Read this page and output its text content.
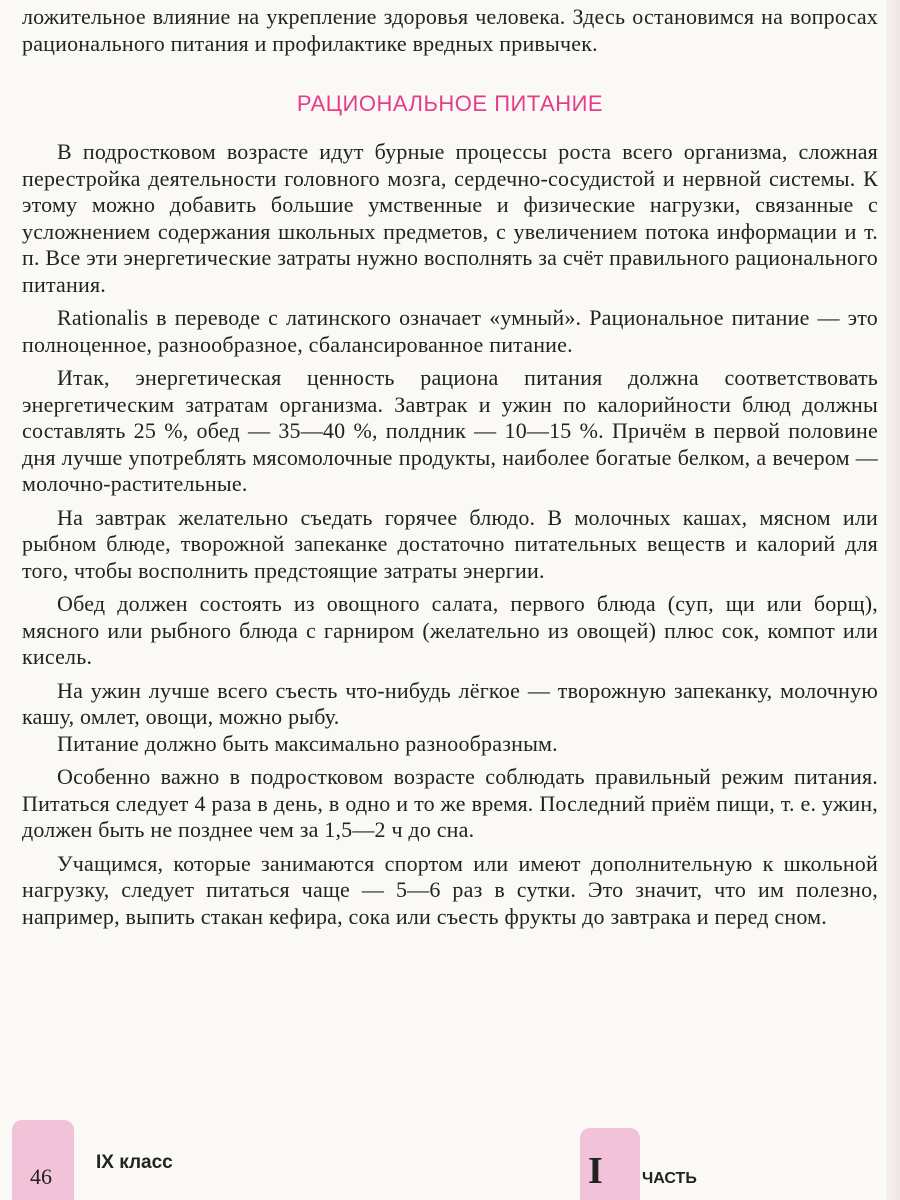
ложительное влияние на укрепление здоровья человека. Здесь остановимся на вопросах рационального питания и профилактике вредных привычек.

РАЦИОНАЛЬНОЕ ПИТАНИЕ

В подростковом возрасте идут бурные процессы роста всего организма, сложная перестройка деятельности головного мозга, сердечно-сосудистой и нервной системы. К этому можно добавить большие умственные и физические нагрузки, связанные с усложнением содержания школьных предметов, с увеличением потока информации и т. п. Все эти энергетические затраты нужно восполнять за счёт правильного рационального питания.

Rationalis в переводе с латинского означает «умный». Рациональное питание — это полноценное, разнообразное, сбалансированное питание.

Итак, энергетическая ценность рациона питания должна соответствовать энергетическим затратам организма. Завтрак и ужин по калорийности блюд должны составлять 25 %, обед — 35—40 %, полдник — 10—15 %. Причём в первой половине дня лучше употреблять мясомолочные продукты, наиболее богатые белком, а вечером — молочно-растительные.

На завтрак желательно съедать горячее блюдо. В молочных кашах, мясном или рыбном блюде, творожной запеканке достаточно питательных веществ и калорий для того, чтобы восполнить предстоящие затраты энергии.

Обед должен состоять из овощного салата, первого блюда (суп, щи или борщ), мясного или рыбного блюда с гарниром (желательно из овощей) плюс сок, компот или кисель.

На ужин лучше всего съесть что-нибудь лёгкое — творожную запеканку, молочную кашу, омлет, овощи, можно рыбу.

Питание должно быть максимально разнообразным.

Особенно важно в подростковом возрасте соблюдать правильный режим питания. Питаться следует 4 раза в день, в одно и то же время. Последний приём пищи, т. е. ужин, должен быть не позднее чем за 1,5—2 ч до сна.

Учащимся, которые занимаются спортом или имеют дополнительную к школьной нагрузку, следует питаться чаще — 5—6 раз в сутки. Это значит, что им полезно, например, выпить стакан кефира, сока или съесть фрукты до завтрака и перед сном.

46
IX класс	I ЧАСТЬ
